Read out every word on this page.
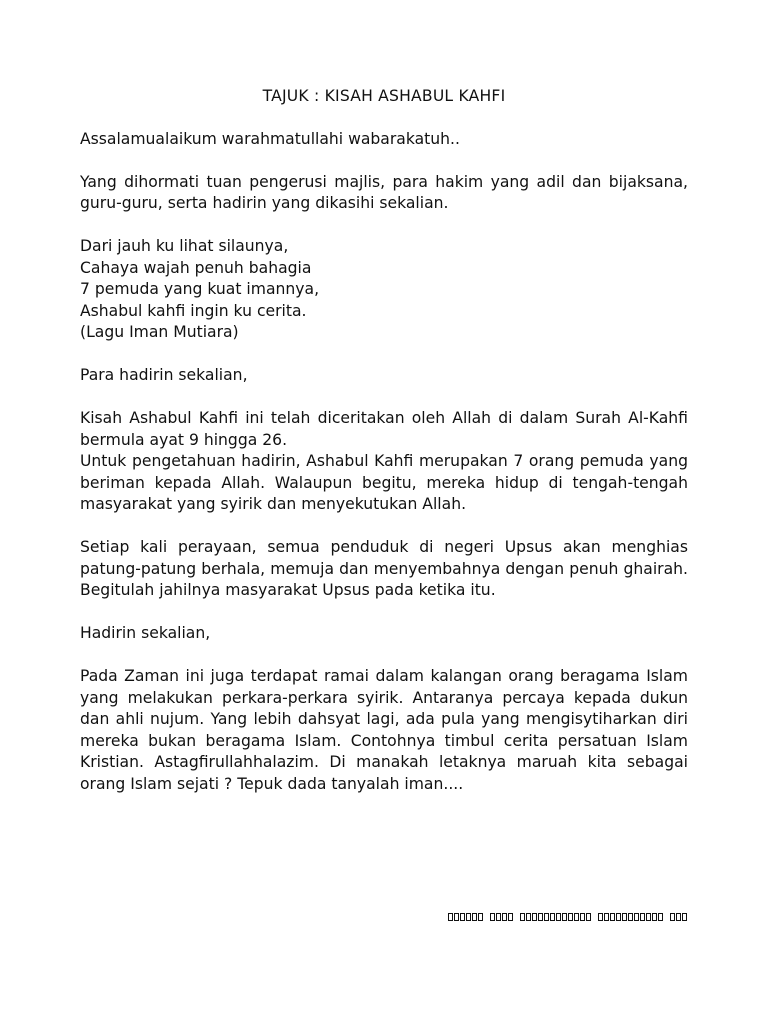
TAJUK : KISAH ASHABUL KAHFI

Assalamualaikum warahmatullahi wabarakatuh..

Yang dihormati tuan pengerusi majlis, para hakim yang adil dan bijaksana, guru-guru, serta hadirin yang dikasihi sekalian.

Dari jauh ku lihat silaunya,
Cahaya wajah penuh bahagia
7 pemuda yang kuat imannya,
Ashabul kahfi ingin ku cerita.
(Lagu Iman Mutiara)

Para hadirin sekalian,

Kisah Ashabul Kahfi ini telah diceritakan oleh Allah di dalam Surah Al-Kahfi bermula ayat 9 hingga 26.

Untuk pengetahuan hadirin, Ashabul Kahfi merupakan 7 orang pemuda yang beriman kepada Allah. Walaupun begitu, mereka hidup di tengah-tengah masyarakat yang syirik dan menyekutukan Allah.

Setiap kali perayaan, semua penduduk di negeri Upsus akan menghias patung-patung berhala, memuja dan menyembahnya dengan penuh ghairah. Begitulah jahilnya masyarakat Upsus pada ketika itu.

Hadirin sekalian,

Pada Zaman ini juga terdapat ramai dalam kalangan orang beragama Islam yang melakukan perkara-perkara syirik. Antaranya percaya kepada dukun dan ahli nujum. Yang lebih dahsyat lagi, ada pula yang mengisytiharkan diri mereka bukan beragama Islam. Contohnya timbul cerita persatuan Islam Kristian. Astagfirullahhalazim. Di manakah letaknya maruah kita sebagai orang Islam sejati ? Tepuk dada tanyalah iman....
